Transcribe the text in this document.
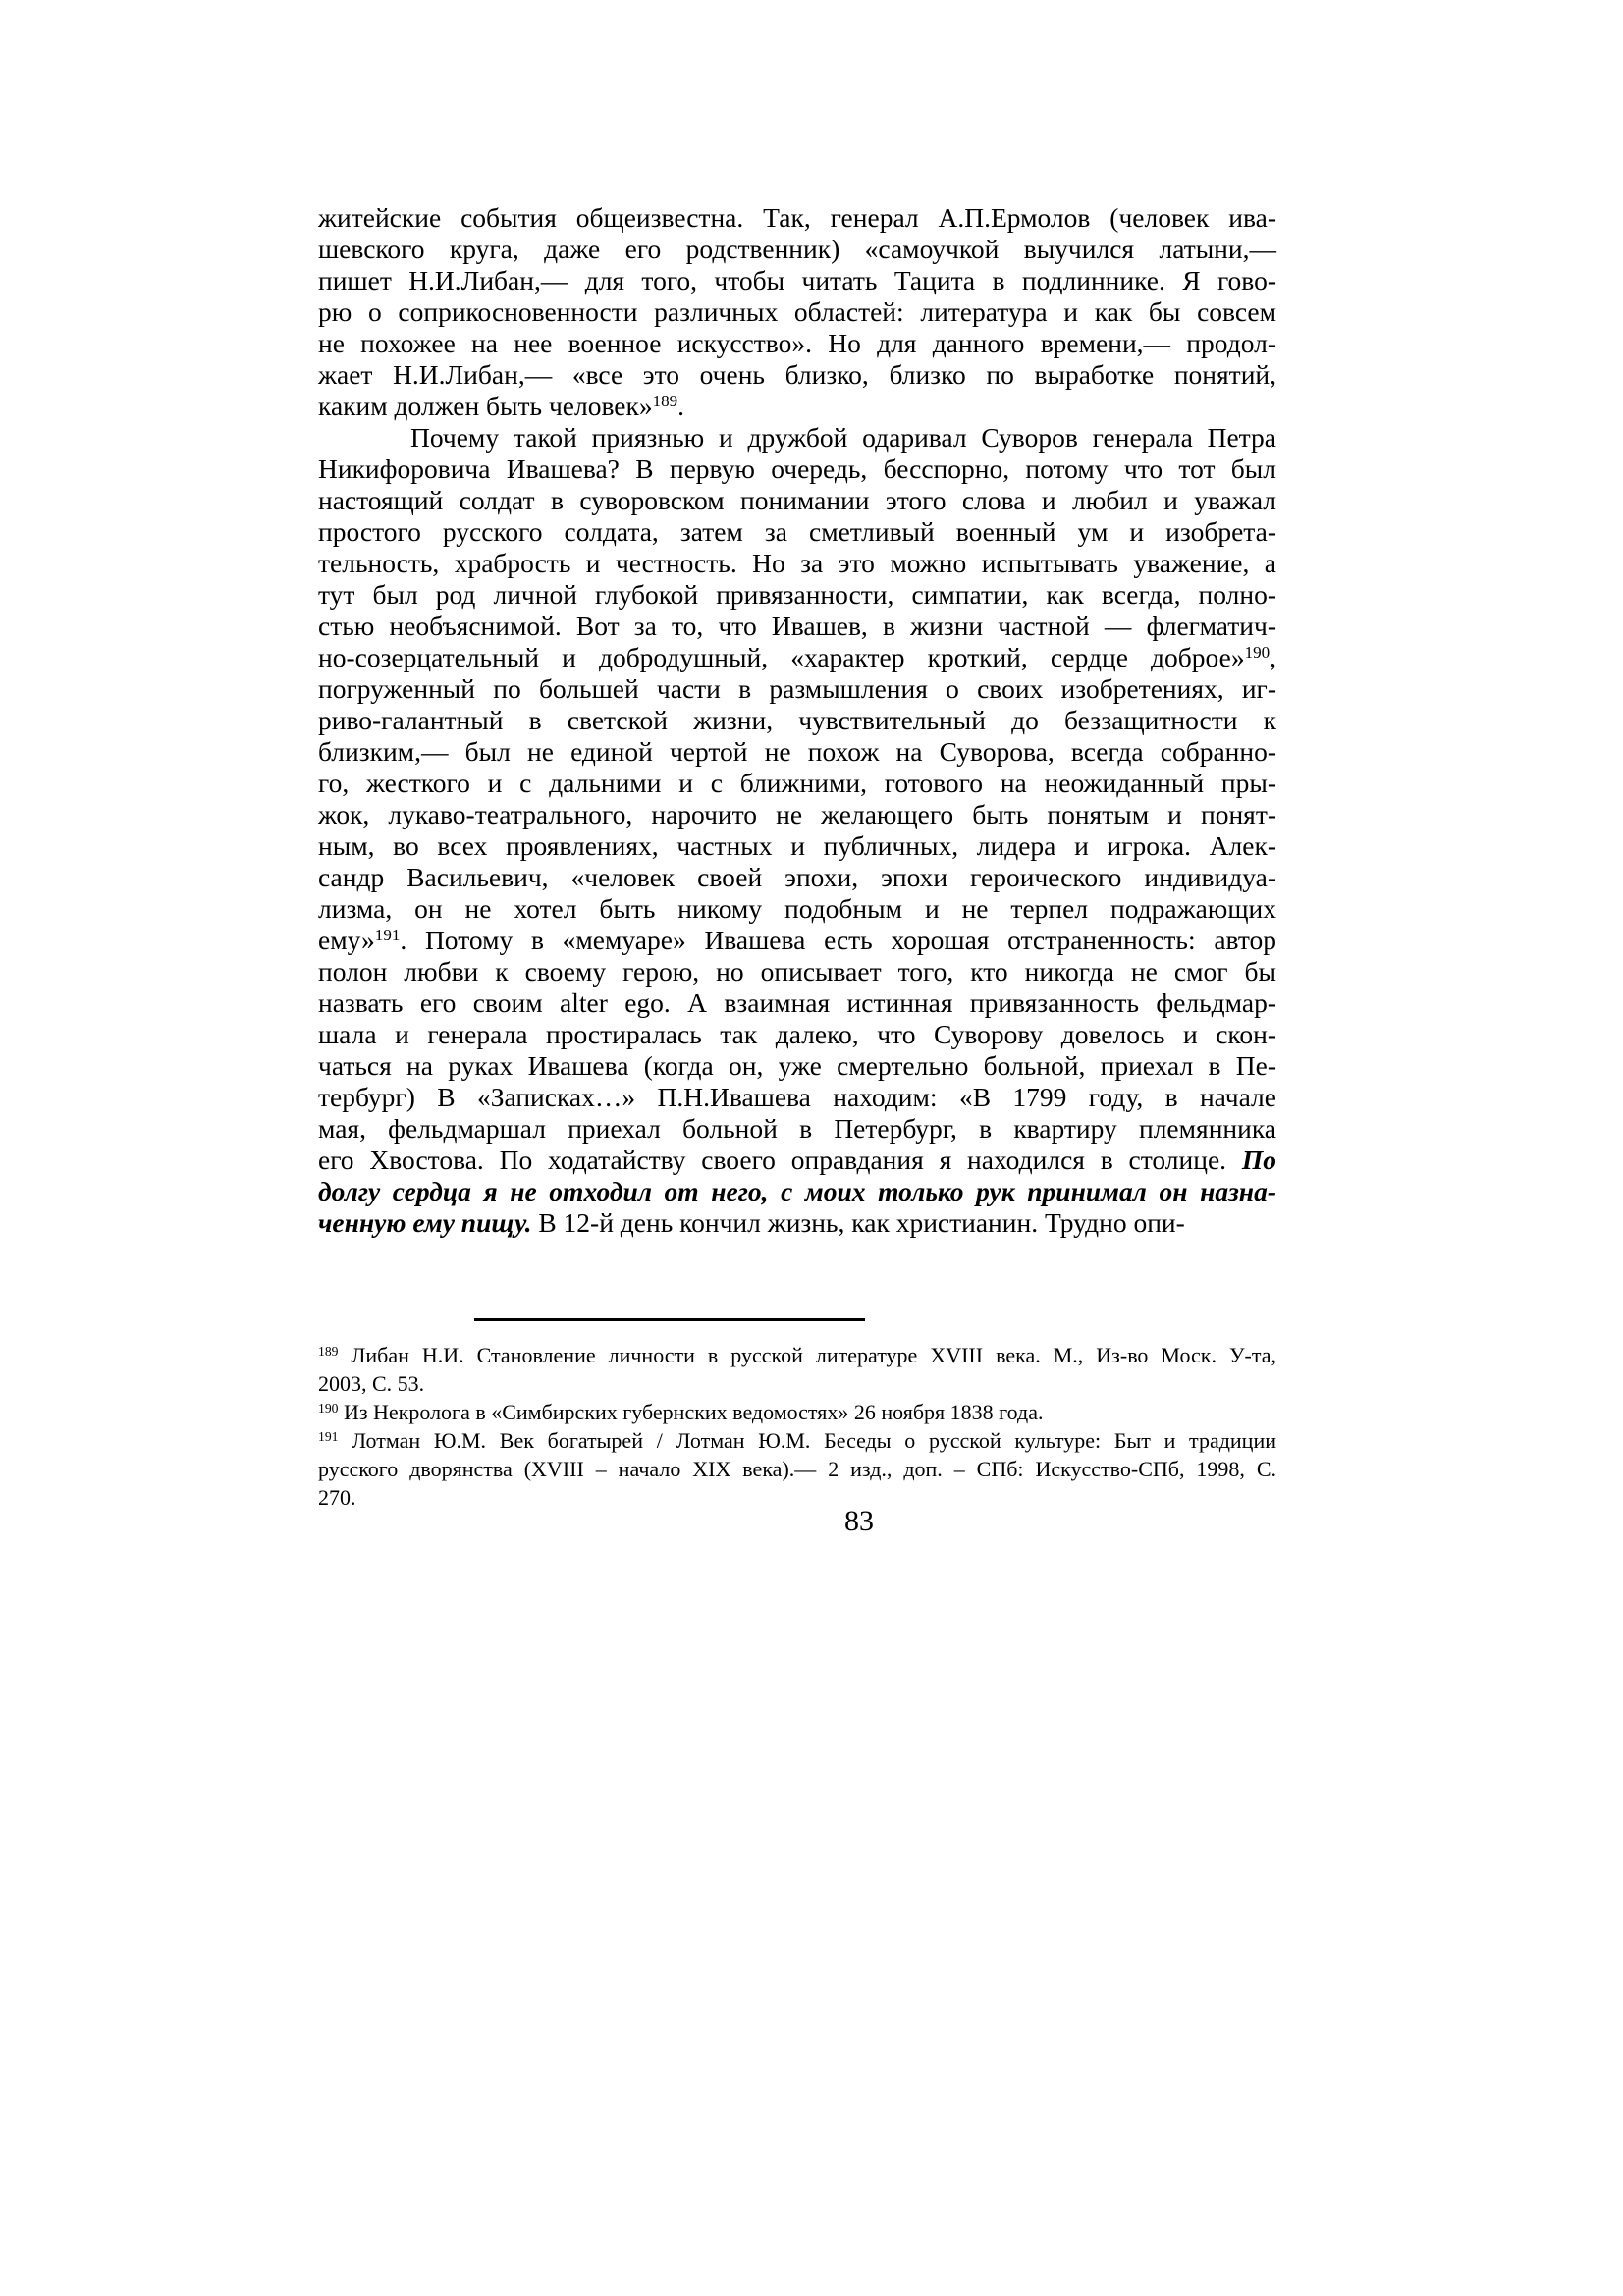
житейские события общеизвестна. Так, генерал А.П.Ермолов (человек ива-
шевского круга, даже его родственник) «самоучкой выучился латыни,—
пишет Н.И.Либан,— для того, чтобы читать Тацита в подлиннике. Я гово-
рю о соприкосновенности различных областей: литература и как бы совсем
не похожее на нее военное искусство». Но для данного времени,— продол-
жает Н.И.Либан,— «все это очень близко, близко по выработке понятий,
каким должен быть человек»$^{189}$.
Почему такой приязнью и дружбой одаривал Суворов генерала Петра
Никифоровича Ивашева? В первую очередь, бесспорно, потому что тот был
настоящий солдат в суворовском понимании этого слова и любил и уважал
простого русского солдата, затем за сметливый военный ум и изобрета-
тельность, храбрость и честность. Но за это можно испытывать уважение, а
тут был род личной глубокой привязанности, симпатии, как всегда, полно-
стью необъяснимой. Вот за то, что Ивашев, в жизни частной — флегматич-
но-созерцательный и добродушный, «характер кроткий, сердце доброе»$^{190}$,
погруженный по большей части в размышления о своих изобретениях, иг-
риво-галантный в светской жизни, чувствительный до беззащитности к
близким,— был не единой чертой не похож на Суворова, всегда собранно-
го, жесткого и с дальними и с ближними, готового на неожиданный пры-
жок, лукаво-театрального, нарочито не желающего быть понятым и понят-
ным, во всех проявлениях, частных и публичных, лидера и игрока. Алек-
сандр Васильевич, «человек своей эпохи, эпохи героического индивидуа-
лизма, он не хотел быть никому подобным и не терпел подражающих
ему»$^{191}$. Потому в «мемуаре» Ивашева есть хорошая отстраненность: автор
полон любви к своему герою, но описывает того, кто никогда не смог бы
назвать его своим alter ego. А взаимная истинная привязанность фельдмар-
шала и генерала простиралась так далеко, что Суворову довелось и скон-
чаться на руках Ивашева (когда он, уже смертельно больной, приехал в Пе-
тербург) В «Записках…» П.Н.Ивашева находим: «В 1799 году, в начале
мая, фельдмаршал приехал больной в Петербург, в квартиру племянника
его Хвостова. По ходатайству своего оправдания я находился в столице. По
долгу сердца я не отходил от него, с моих только рук принимал он назна-
ченную ему пищу. В 12-й день кончил жизнь, как христианин. Трудно опи-
$^{189}$ Либан Н.И. Становление личности в русской литературе XVIII века. М., Из-во Моск. У-та,
2003, С. 53.
$^{190}$ Из Некролога в «Симбирских губернских ведомостях» 26 ноября 1838 года.
$^{191}$ Лотман Ю.М. Век богатырей / Лотман Ю.М. Беседы о русской культуре: Быт и традиции
русского дворянства (XVIII – начало XIX века).— 2 изд., доп. – СПб: Искусство-СПб, 1998, С.
270.
83
